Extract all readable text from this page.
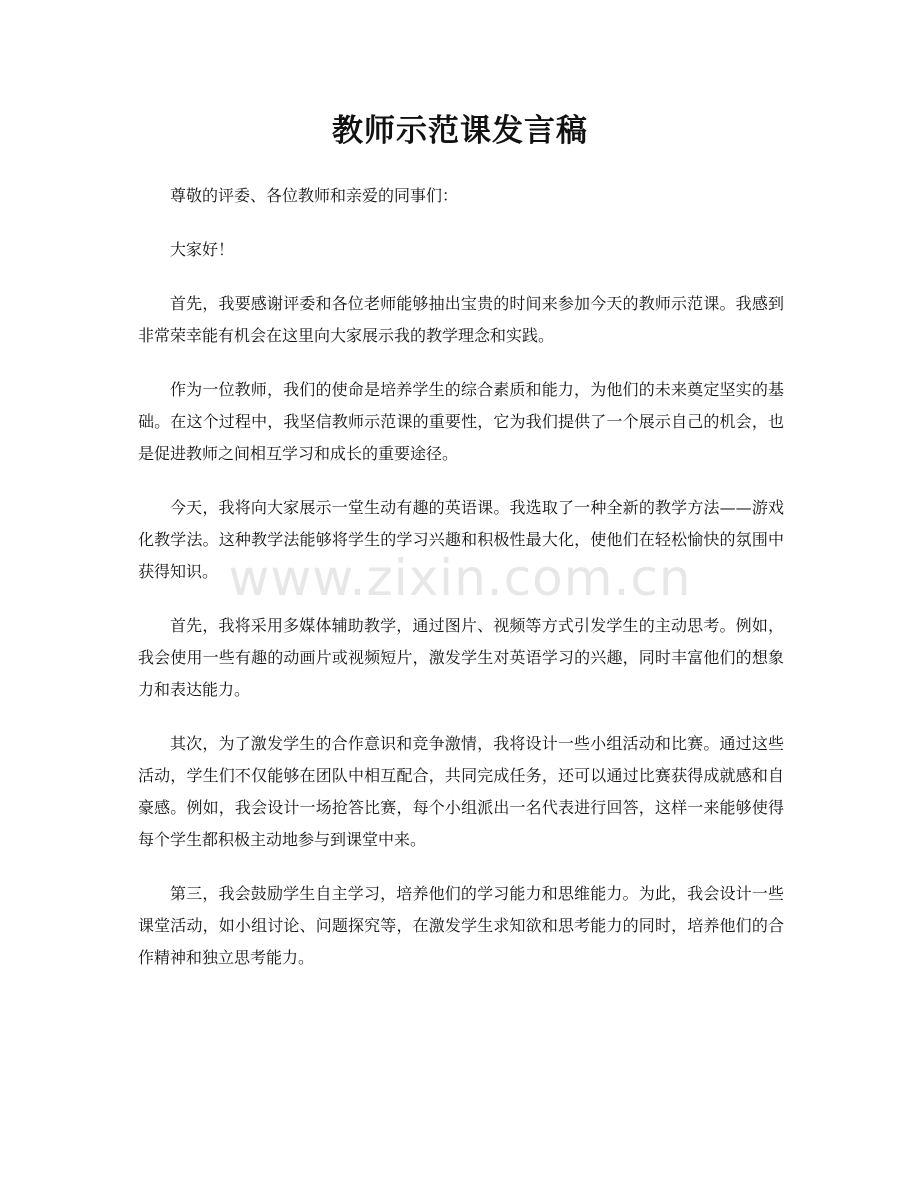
教师示范课发言稿

尊敬的评委、各位教师和亲爱的同事们：

大家好！

首先，我要感谢评委和各位老师能够抽出宝贵的时间来参加今天的教师示范课。我感到非常荣幸能有机会在这里向大家展示我的教学理念和实践。

作为一位教师，我们的使命是培养学生的综合素质和能力，为他们的未来奠定坚实的基础。在这个过程中，我坚信教师示范课的重要性，它为我们提供了一个展示自己的机会，也是促进教师之间相互学习和成长的重要途径。

今天，我将向大家展示一堂生动有趣的英语课。我选取了一种全新的教学方法——游戏化教学法。这种教学法能够将学生的学习兴趣和积极性最大化，使他们在轻松愉快的氛围中获得知识。

首先，我将采用多媒体辅助教学，通过图片、视频等方式引发学生的主动思考。例如，我会使用一些有趣的动画片或视频短片，激发学生对英语学习的兴趣，同时丰富他们的想象力和表达能力。

其次，为了激发学生的合作意识和竞争激情，我将设计一些小组活动和比赛。通过这些活动，学生们不仅能够在团队中相互配合，共同完成任务，还可以通过比赛获得成就感和自豪感。例如，我会设计一场抢答比赛，每个小组派出一名代表进行回答，这样一来能够使得每个学生都积极主动地参与到课堂中来。

第三，我会鼓励学生自主学习，培养他们的学习能力和思维能力。为此，我会设计一些课堂活动，如小组讨论、问题探究等，在激发学生求知欲和思考能力的同时，培养他们的合作精神和独立思考能力。

www.zixin.com.cn
